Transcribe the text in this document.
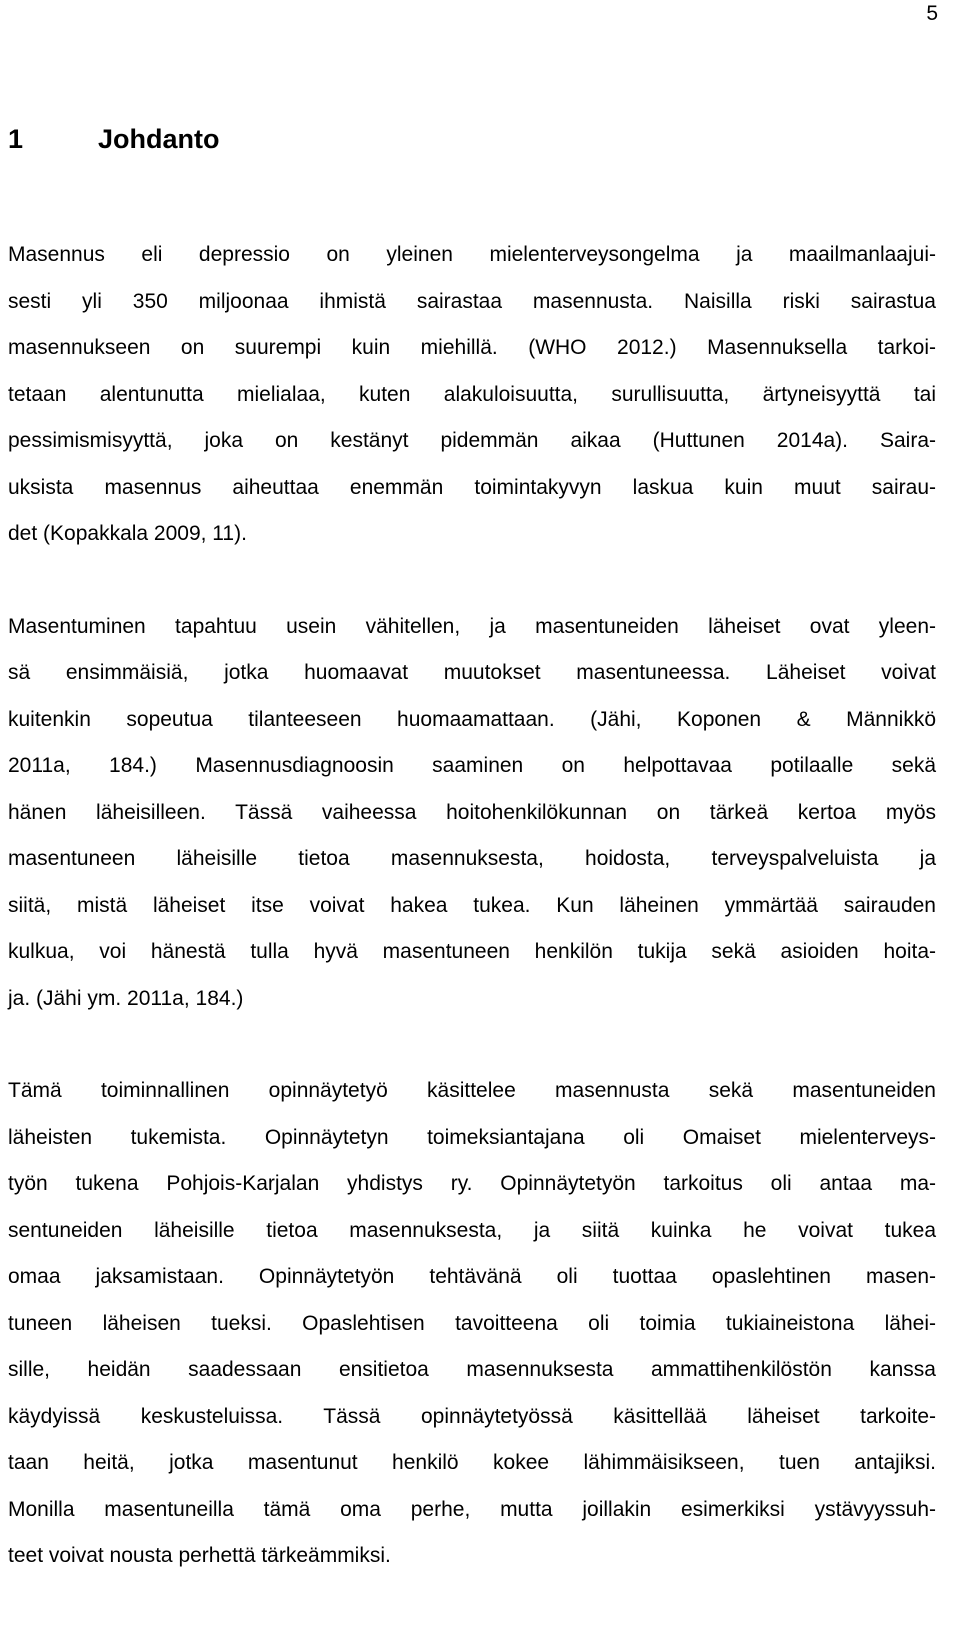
5
1	Johdanto

Masennus eli depressio on yleinen mielenterveysongelma ja maailmanlaajui-
sesti yli 350 miljoonaa ihmistä sairastaa masennusta. Naisilla riski sairastua
masennukseen on suurempi kuin miehillä. (WHO 2012.) Masennuksella tarkoi-
tetaan alentunutta mielialaa, kuten alakuloisuutta, surullisuutta, ärtyneisyyttä tai
pessimismisyyttä, joka on kestänyt pidemmän aikaa (Huttunen 2014a). Saira-
uksista masennus aiheuttaa enemmän toimintakyvyn laskua kuin muut sairau-
det (Kopakkala 2009, 11).

Masentuminen tapahtuu usein vähitellen, ja masentuneiden läheiset ovat yleen-
sä ensimmäisiä, jotka huomaavat muutokset masentuneessa. Läheiset voivat
kuitenkin sopeutua tilanteeseen huomaamattaan. (Jähi, Koponen & Männikkö
2011a, 184.) Masennusdiagnoosin saaminen on helpottavaa potilaalle sekä
hänen läheisilleen. Tässä vaiheessa hoitohenkilökunnan on tärkeä kertoa myös
masentuneen läheisille tietoa masennuksesta, hoidosta, terveyspalveluista ja
siitä, mistä läheiset itse voivat hakea tukea. Kun läheinen ymmärtää sairauden
kulkua, voi hänestä tulla hyvä masentuneen henkilön tukija sekä asioiden hoita-
ja. (Jähi ym. 2011a, 184.)

Tämä toiminnallinen opinnäytetyö käsittelee masennusta sekä masentuneiden
läheisten tukemista. Opinnäytetyn toimeksiantajana oli Omaiset mielenterveys-
työn tukena Pohjois-Karjalan yhdistys ry. Opinnäytetyön tarkoitus oli antaa ma-
sentuneiden läheisille tietoa masennuksesta, ja siitä kuinka he voivat tukea
omaa jaksamistaan. Opinnäytetyön tehtävänä oli tuottaa opaslehtinen masen-
tuneen läheisen tueksi. Opaslehtisen tavoitteena oli toimia tukiaineistona lähei-
sille, heidän saadessaan ensitietoa masennuksesta ammattihenkilöstön kanssa
käydyissä keskusteluissa. Tässä opinnäytetyössä käsittellää läheiset tarkoite-
taan heitä, jotka masentunut henkilö kokee lähimmäisikseen, tuen antajiksi.
Monilla masentuneilla tämä oma perhe, mutta joillakin esimerkiksi ystävyyssuh-
teet voivat nousta perhettä tärkeämmiksi.
